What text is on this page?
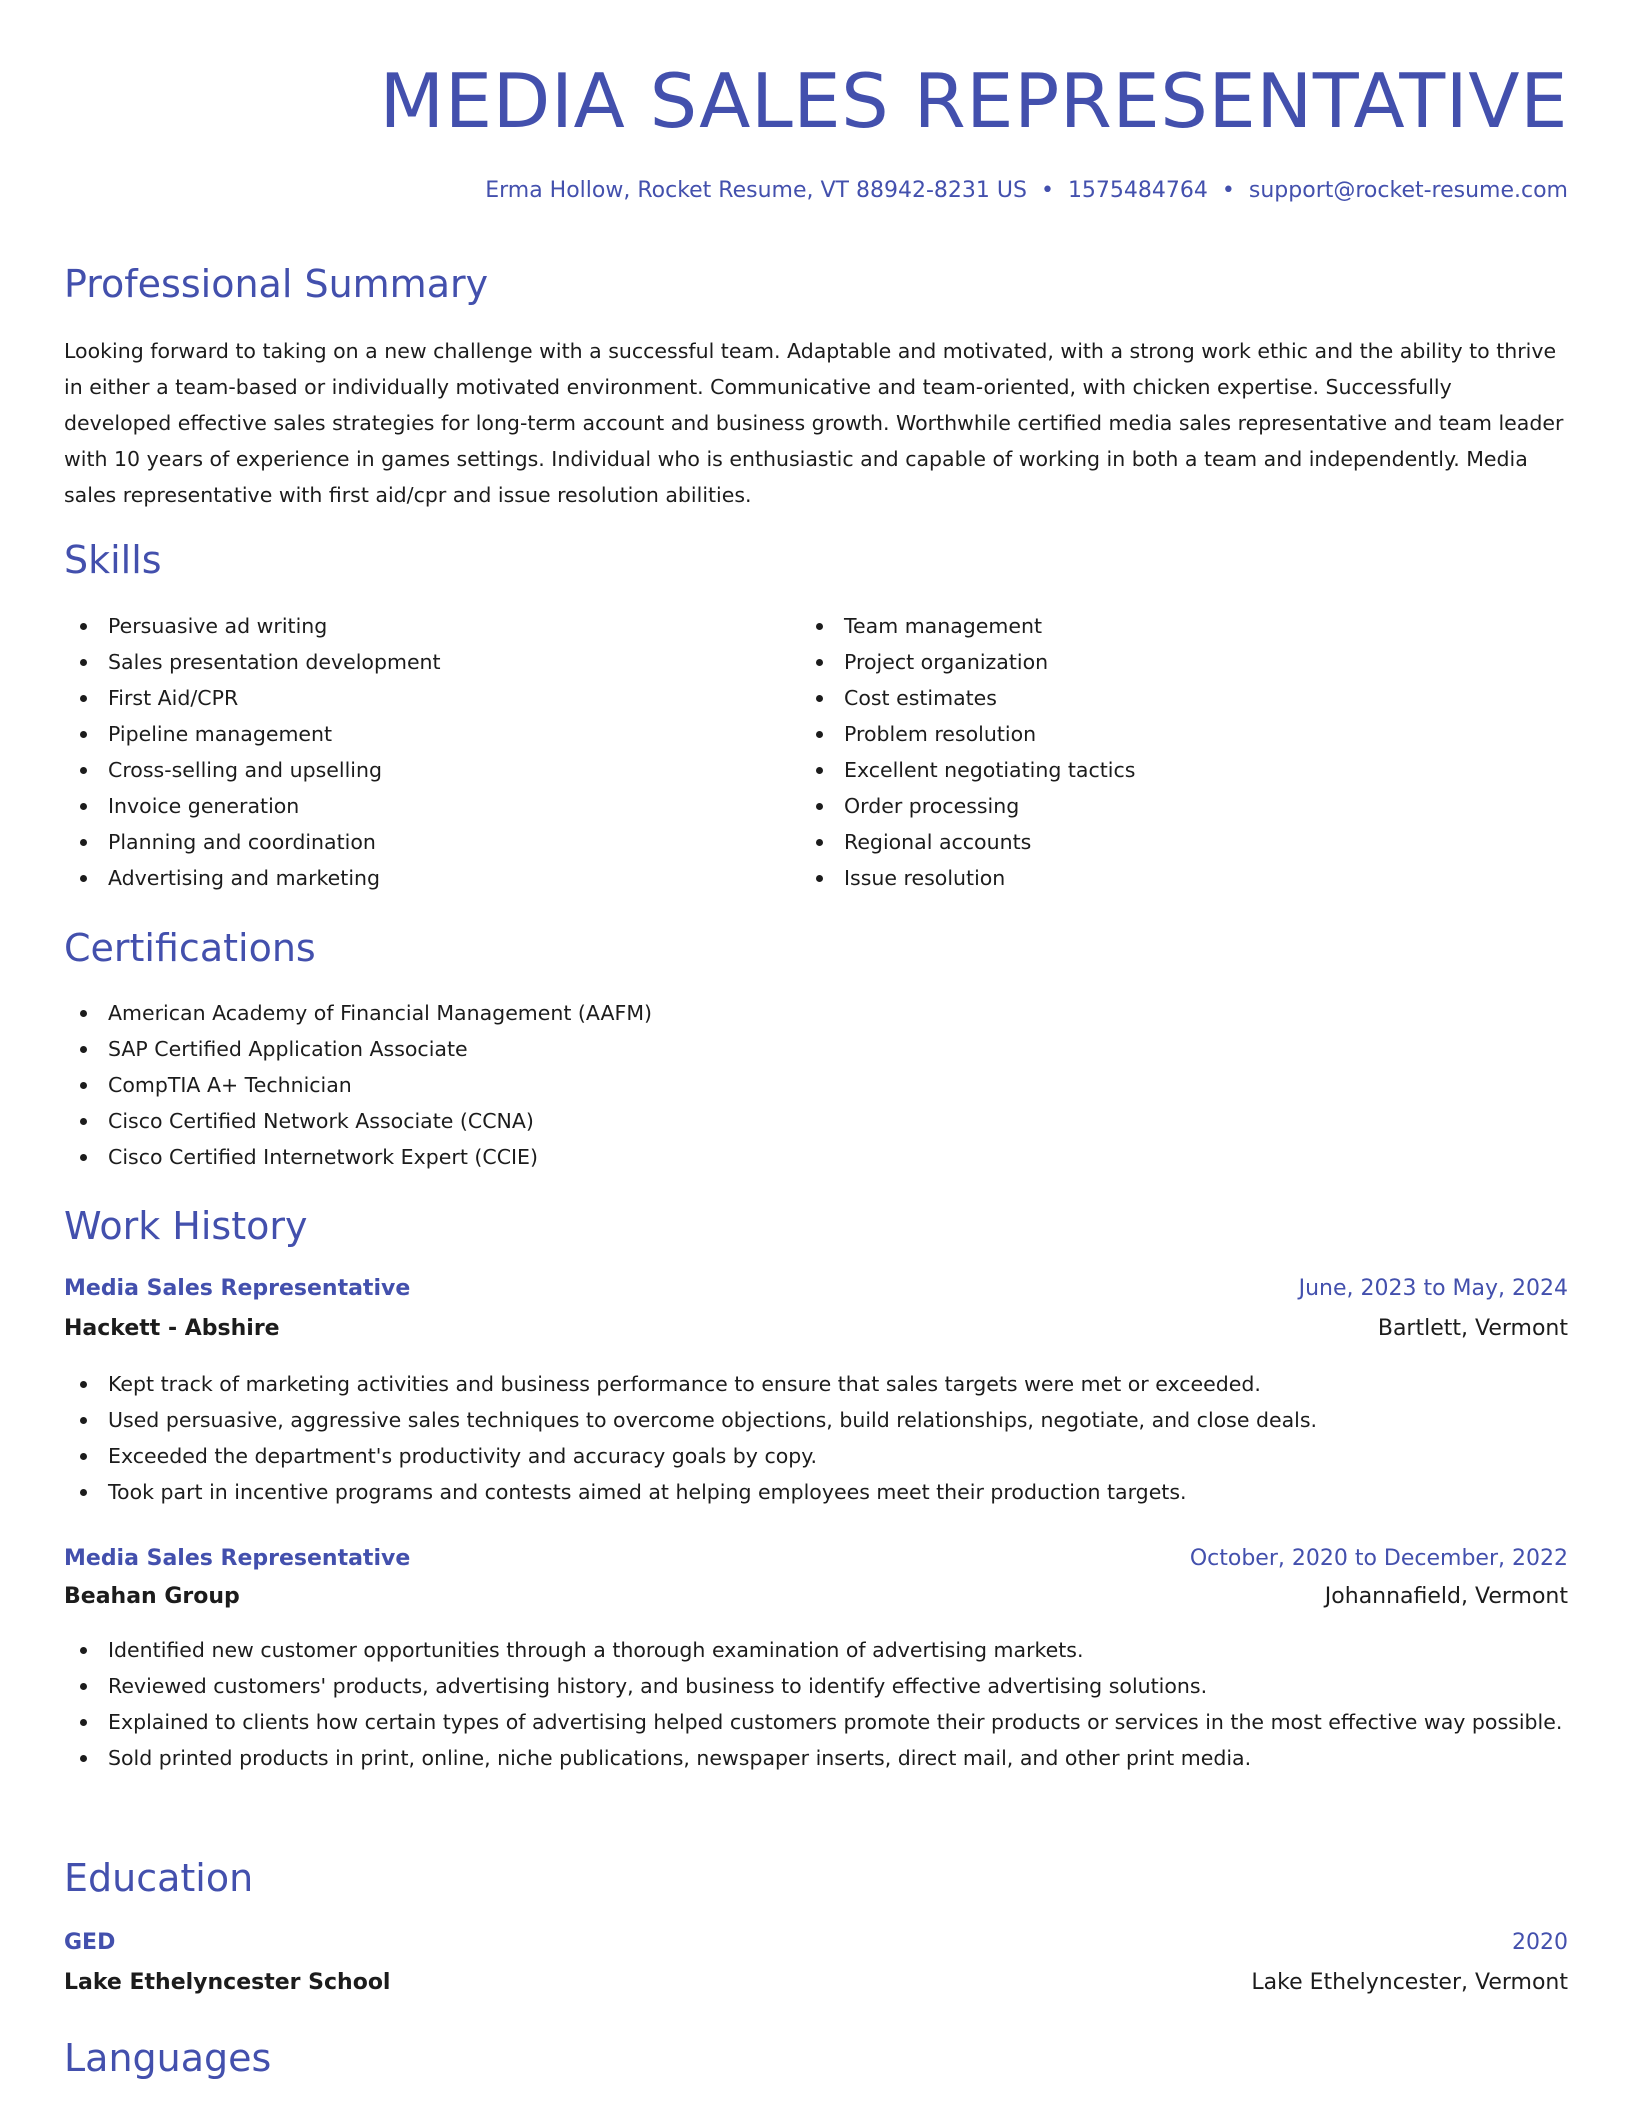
MEDIA SALES REPRESENTATIVE
Erma Hollow, Rocket Resume, VT 88942-8231 US • 1575484764 • support@rocket-resume.com
Professional Summary

Looking forward to taking on a new challenge with a successful team. Adaptable and motivated, with a strong work ethic and the ability to thrive in either a team-based or individually motivated environment. Communicative and team-oriented, with chicken expertise. Successfully developed effective sales strategies for long-term account and business growth. Worthwhile certified media sales representative and team leader with 10 years of experience in games settings. Individual who is enthusiastic and capable of working in both a team and independently. Media sales representative with first aid/cpr and issue resolution abilities.

Skills
Persuasive ad writing
Sales presentation development
First Aid/CPR
Pipeline management
Cross-selling and upselling
Invoice generation
Planning and coordination
Advertising and marketing
Team management
Project organization
Cost estimates
Problem resolution
Excellent negotiating tactics
Order processing
Regional accounts
Issue resolution
Certifications
American Academy of Financial Management (AAFM)
SAP Certified Application Associate
CompTIA A+ Technician
Cisco Certified Network Associate (CCNA)
Cisco Certified Internetwork Expert (CCIE)
Work History
Media Sales Representative	June, 2023 to May, 2024
Hackett - Abshire	Bartlett, Vermont
Kept track of marketing activities and business performance to ensure that sales targets were met or exceeded.
Used persuasive, aggressive sales techniques to overcome objections, build relationships, negotiate, and close deals.
Exceeded the department's productivity and accuracy goals by copy.
Took part in incentive programs and contests aimed at helping employees meet their production targets.
Media Sales Representative	October, 2020 to December, 2022
Beahan Group	Johannafield, Vermont
Identified new customer opportunities through a thorough examination of advertising markets.
Reviewed customers' products, advertising history, and business to identify effective advertising solutions.
Explained to clients how certain types of advertising helped customers promote their products or services in the most effective way possible.
Sold printed products in print, online, niche publications, newspaper inserts, direct mail, and other print media.
Education
GED	2020
Lake Ethelyncester School	Lake Ethelyncester, Vermont
Languages
